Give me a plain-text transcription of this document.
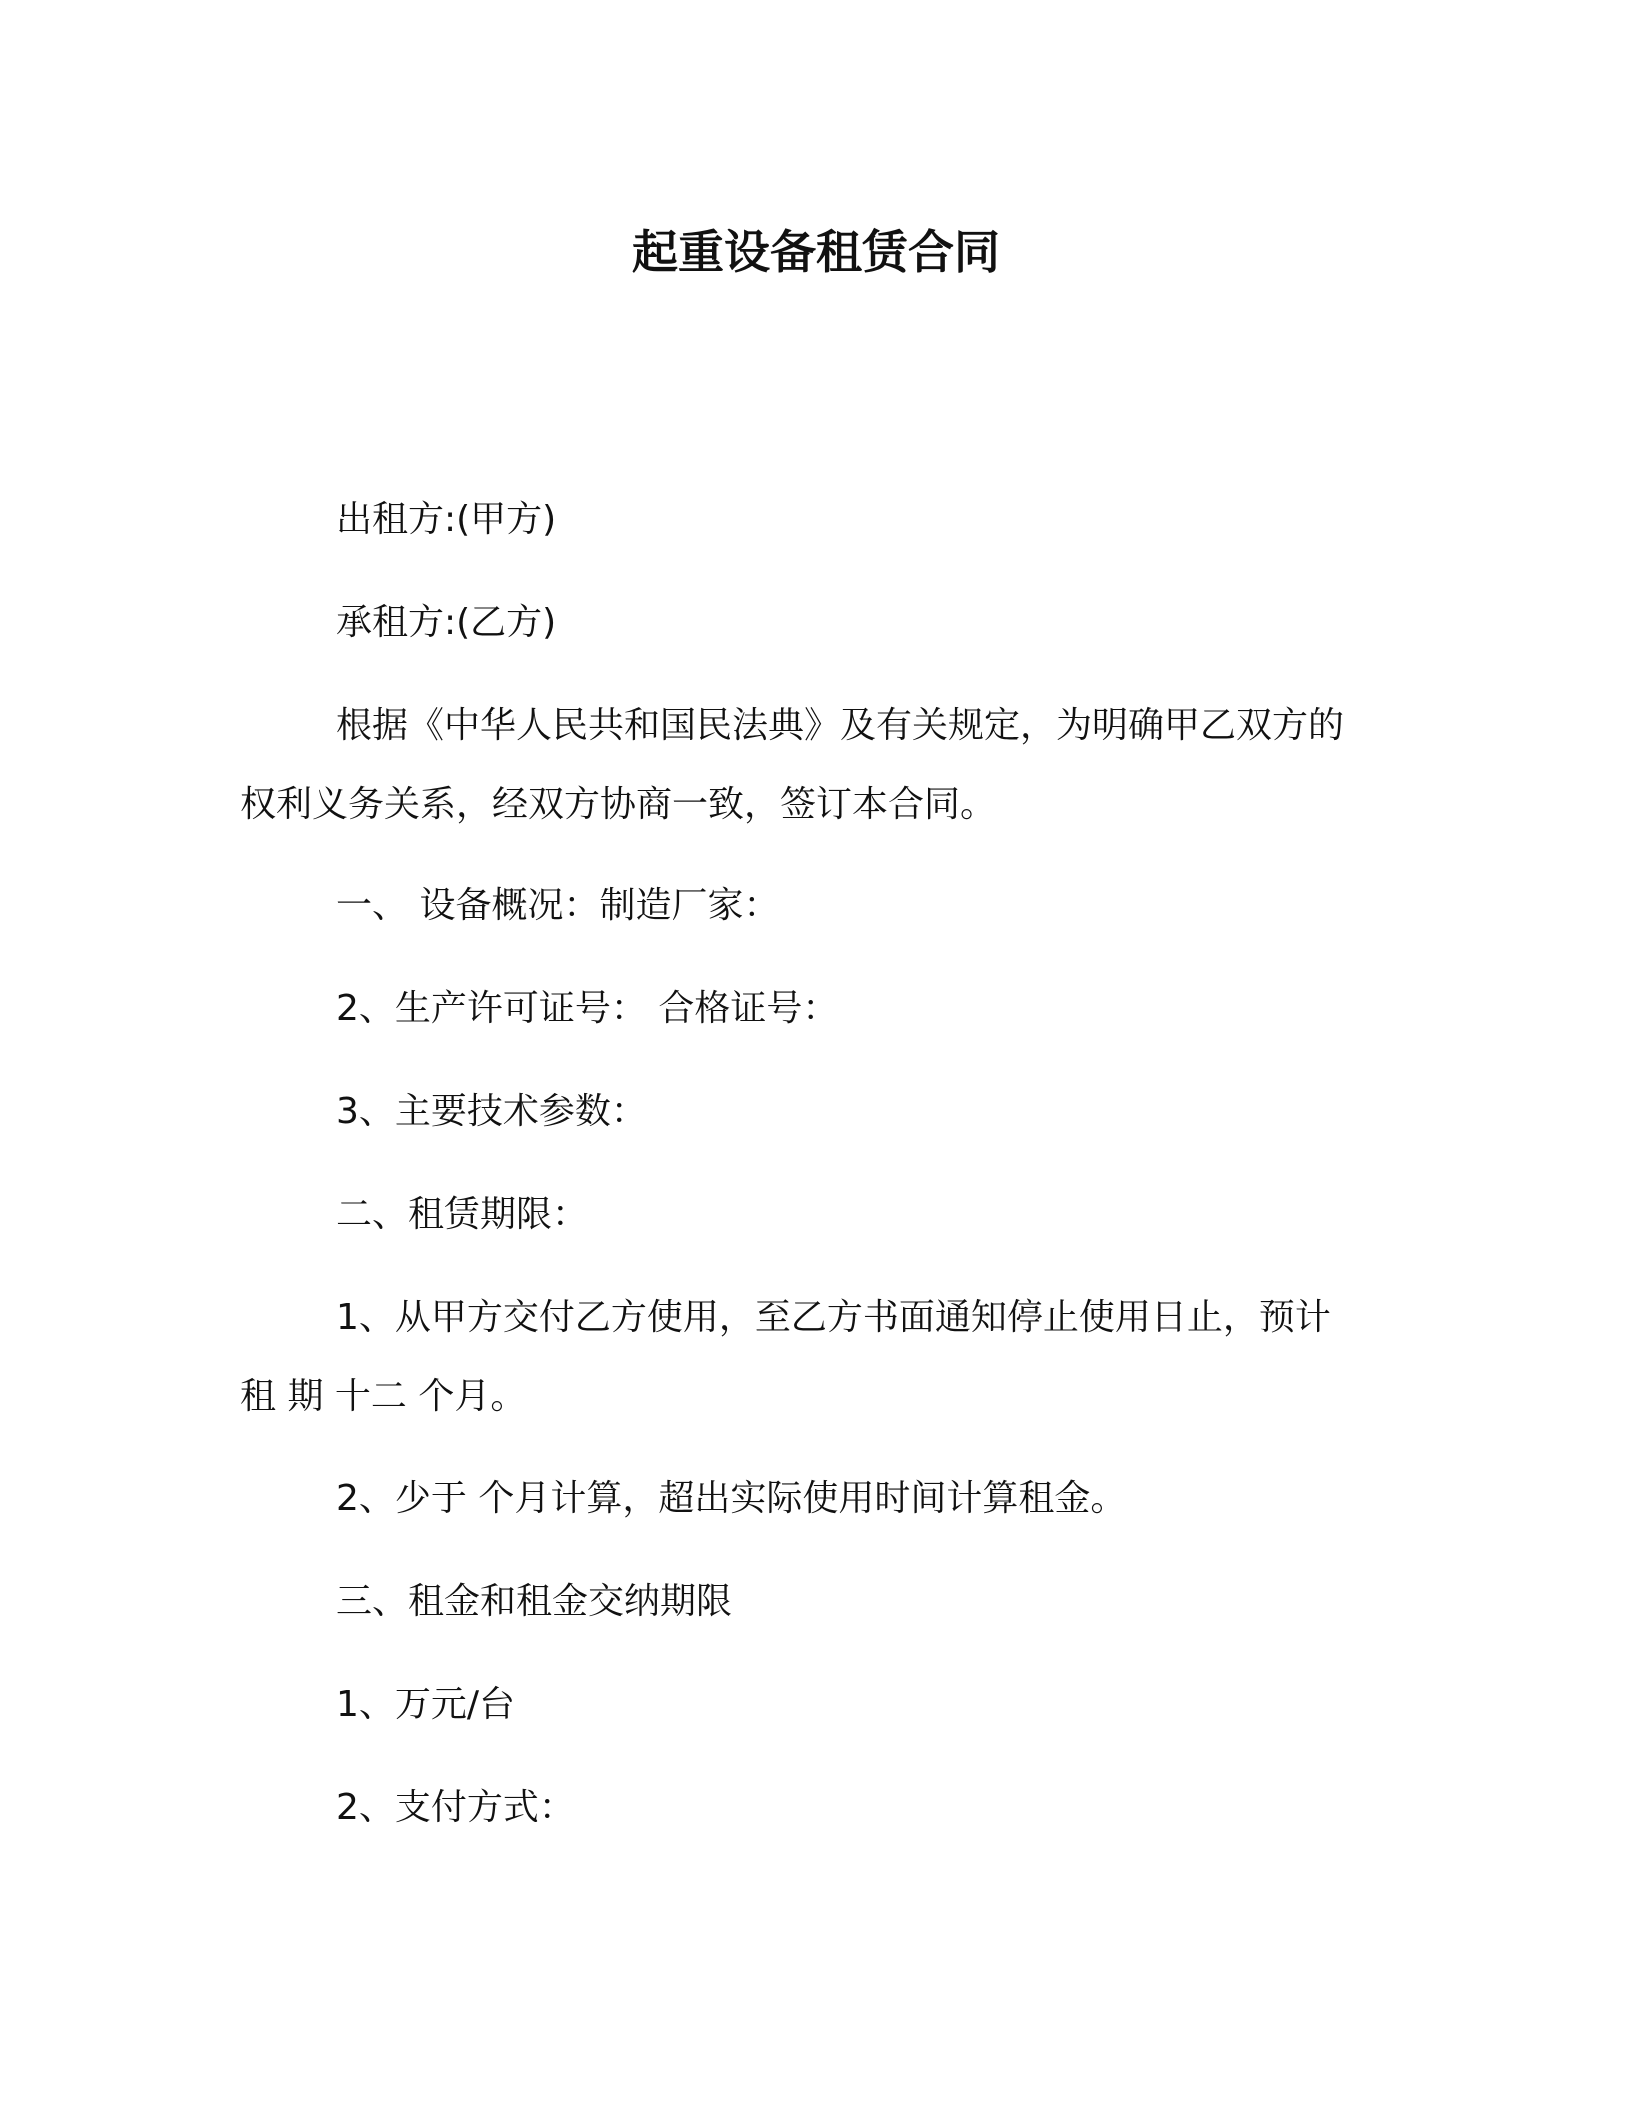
起重设备租赁合同
出租方:(甲方)
承租方:(乙方)
根据《中华人民共和国民法典》及有关规定，为明确甲乙双方的
权利义务关系，经双方协商一致，签订本合同。
一、 设备概况：制造厂家：
2、生产许可证号： 合格证号：
3、主要技术参数：
二、租赁期限：
1、从甲方交付乙方使用，至乙方书面通知停止使用日止，预计
租 期 十二 个月。
2、少于 个月计算，超出实际使用时间计算租金。
三、租金和租金交纳期限
1、万元/台
2、支付方式：
